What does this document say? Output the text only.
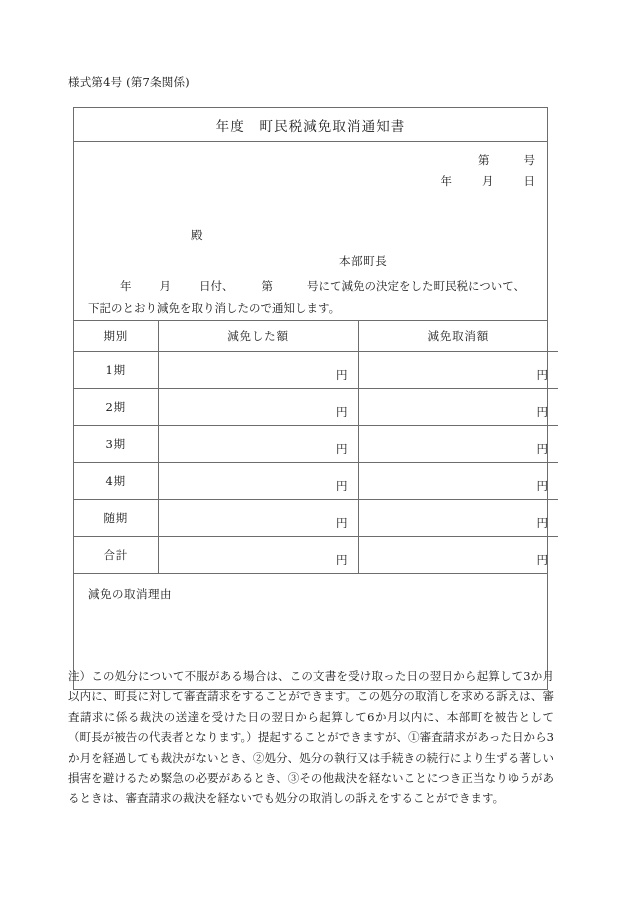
様式第4号 (第7条関係)
年度　町民税減免取消通知書
第	号
年	月	日
殿
本部町長
年 月 日付、 第	号にて減免の決定をした町民税について、
下記のとおり減免を取り消したので通知します。
期別	減免した額	減免取消額
1期	円	円
2期	円	円
3期	円	円
4期	円	円
随期	円	円
合計	円	円
減免の取消理由
注）この処分について不服がある場合は、この文書を受け取った日の翌日から起算して3か月以内に、町長に対して審査請求をすることができます。この処分の取消しを求める訴えは、審査請求に係る裁決の送達を受けた日の翌日から起算して6か月以内に、本部町を被告として（町長が被告の代表者となります。）提起することができますが、①審査請求があった日から3か月を経過しても裁決がないとき、②処分、処分の執行又は手続きの続行により生ずる著しい損害を避けるため緊急の必要があるとき、③その他裁決を経ないことにつき正当なりゆうがあるときは、審査請求の裁決を経ないでも処分の取消しの訴えをすることができます。
